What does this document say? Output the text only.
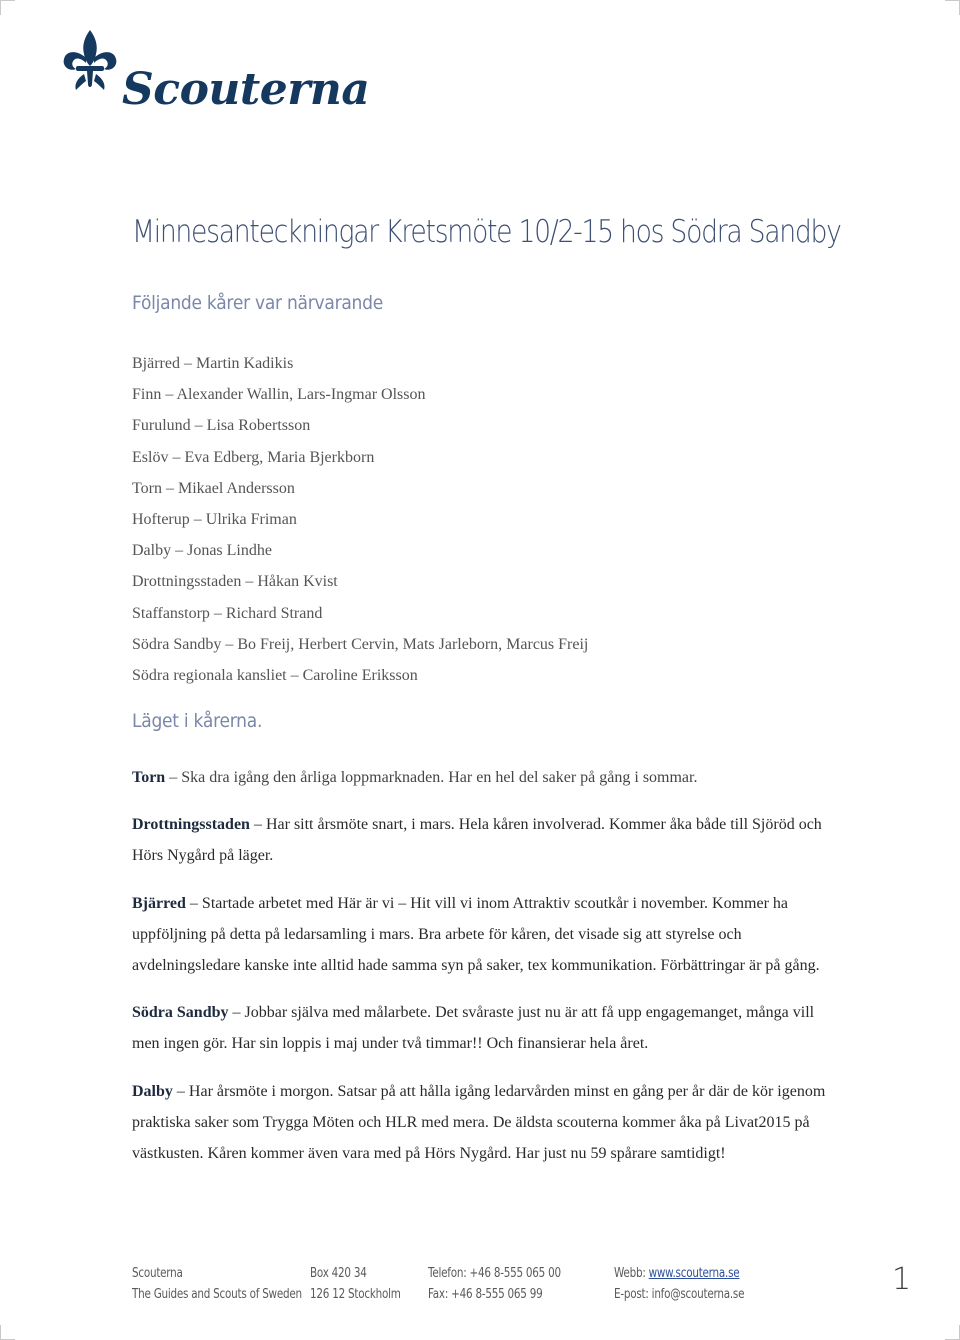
Scouterna
Minnesanteckningar Kretsmöte 10/2-15 hos Södra Sandby
Följande kårer var närvarande
Bjärred – Martin Kadikis
Finn – Alexander Wallin, Lars-Ingmar Olsson
Furulund – Lisa Robertsson
Eslöv – Eva Edberg, Maria Bjerkborn
Torn – Mikael Andersson
Hofterup – Ulrika Friman
Dalby – Jonas Lindhe
Drottningsstaden – Håkan Kvist
Staffanstorp – Richard Strand
Södra Sandby – Bo Freij, Herbert Cervin, Mats Jarleborn, Marcus Freij
Södra regionala kansliet – Caroline Eriksson
Läget i kårerna.

Torn – Ska dra igång den årliga loppmarknaden. Har en hel del saker på gång i sommar.

Drottningsstaden – Har sitt årsmöte snart, i mars. Hela kåren involverad. Kommer åka både till Sjöröd och Hörs Nygård på läger.

Bjärred – Startade arbetet med Här är vi – Hit vill vi inom Attraktiv scoutkår i november. Kommer ha uppföljning på detta på ledarsamling i mars. Bra arbete för kåren, det visade sig att styrelse och avdelningsledare kanske inte alltid hade samma syn på saker, tex kommunikation. Förbättringar är på gång.

Södra Sandby – Jobbar själva med målarbete. Det svåraste just nu är att få upp engagemanget, många vill men ingen gör. Har sin loppis i maj under två timmar!! Och finansierar hela året.

Dalby – Har årsmöte i morgon. Satsar på att hålla igång ledarvården minst en gång per år där de kör igenom praktiska saker som Trygga Möten och HLR med mera. De äldsta scouterna kommer åka på Livat2015 på västkusten. Kåren kommer även vara med på Hörs Nygård. Har just nu 59 spårare samtidigt!

Scouterna
The Guides and Scouts of Sweden
Box 420 34
126 12 Stockholm
Telefon: +46 8-555 065 00
Fax: +46 8-555 065 99
Webb: www.scouterna.se
E-post: info@scouterna.se	1
